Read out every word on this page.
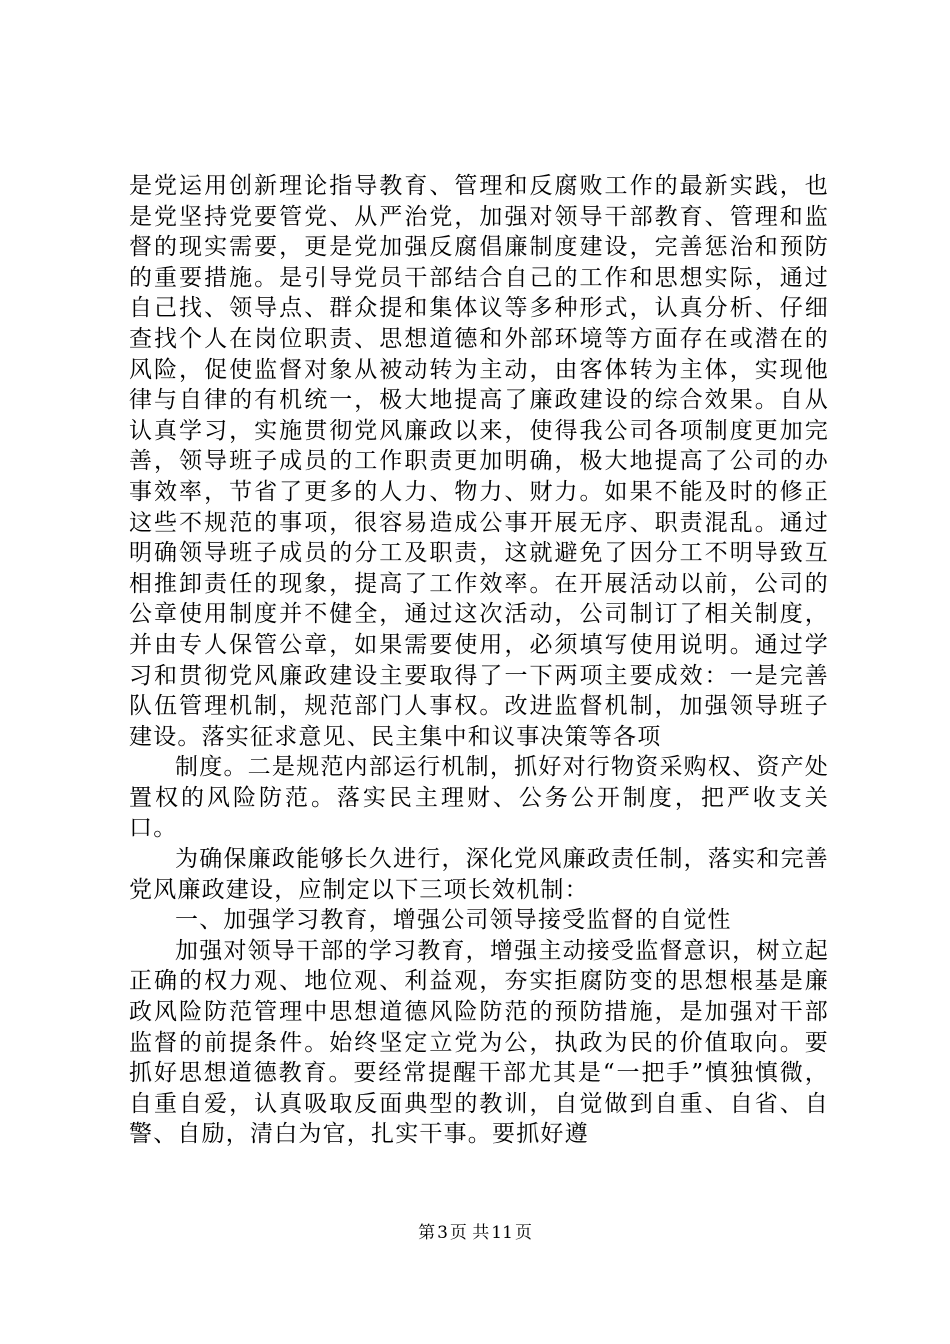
是党运用创新理论指导教育、管理和反腐败工作的最新实践，也是党坚持党要管党、从严治党，加强对领导干部教育、管理和监督的现实需要，更是党加强反腐倡廉制度建设，完善惩治和预防的重要措施。是引导党员干部结合自己的工作和思想实际，通过自己找、领导点、群众提和集体议等多种形式，认真分析、仔细查找个人在岗位职责、思想道德和外部环境等方面存在或潜在的风险，促使监督对象从被动转为主动，由客体转为主体，实现他律与自律的有机统一，极大地提高了廉政建设的综合效果。自从认真学习，实施贯彻党风廉政以来，使得我公司各项制度更加完善，领导班子成员的工作职责更加明确，极大地提高了公司的办事效率，节省了更多的人力、物力、财力。如果不能及时的修正这些不规范的事项，很容易造成公事开展无序、职责混乱。通过明确领导班子成员的分工及职责，这就避免了因分工不明导致互相推卸责任的现象，提高了工作效率。在开展活动以前，公司的公章使用制度并不健全，通过这次活动，公司制订了相关制度，并由专人保管公章，如果需要使用，必须填写使用说明。通过学习和贯彻党风廉政建设主要取得了一下两项主要成效：一是完善队伍管理机制，规范部门人事权。改进监督机制，加强领导班子建设。落实征求意见、民主集中和议事决策等各项

制度。二是规范内部运行机制，抓好对行物资采购权、资产处置权的风险防范。落实民主理财、公务公开制度，把严收支关口。

为确保廉政能够长久进行，深化党风廉政责任制，落实和完善党风廉政建设，应制定以下三项长效机制：

一、加强学习教育，增强公司领导接受监督的自觉性

加强对领导干部的学习教育，增强主动接受监督意识，树立起正确的权力观、地位观、利益观，夯实拒腐防变的思想根基是廉政风险防范管理中思想道德风险防范的预防措施，是加强对干部监督的前提条件。始终坚定立党为公，执政为民的价值取向。要抓好思想道德教育。要经常提醒干部尤其是“一把手”慎独慎微，自重自爱，认真吸取反面典型的教训，自觉做到自重、自省、自警、自励，清白为官，扎实干事。要抓好遵

第 3 页 共 11 页
